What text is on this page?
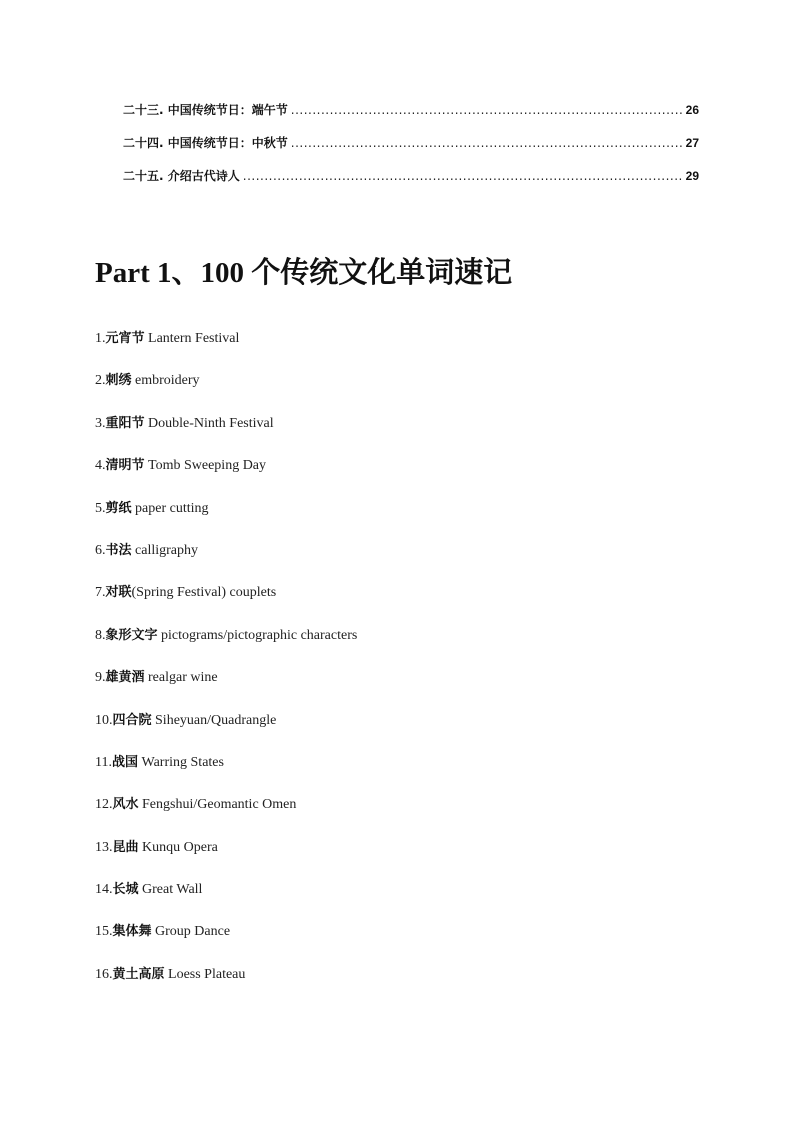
二十三. 中国传统节日：端午节 .....	26
二十四. 中国传统节日：中秋节 .....	27
二十五. 介绍古代诗人 .....	29
Part 1、100 个传统文化单词速记
1.元宵节 Lantern Festival
2.刺绣 embroidery
3.重阳节 Double-Ninth Festival
4.清明节 Tomb Sweeping Day
5.剪纸 paper cutting
6.书法 calligraphy
7.对联(Spring Festival) couplets
8.象形文字 pictograms/pictographic characters
9.雄黄酒 realgar wine
10.四合院 Siheyuan/Quadrangle
11.战国 Warring States
12.风水 Fengshui/Geomantic Omen
13.昆曲 Kunqu Opera
14.长城 Great Wall
15.集体舞 Group Dance
16.黄土高原 Loess Plateau
